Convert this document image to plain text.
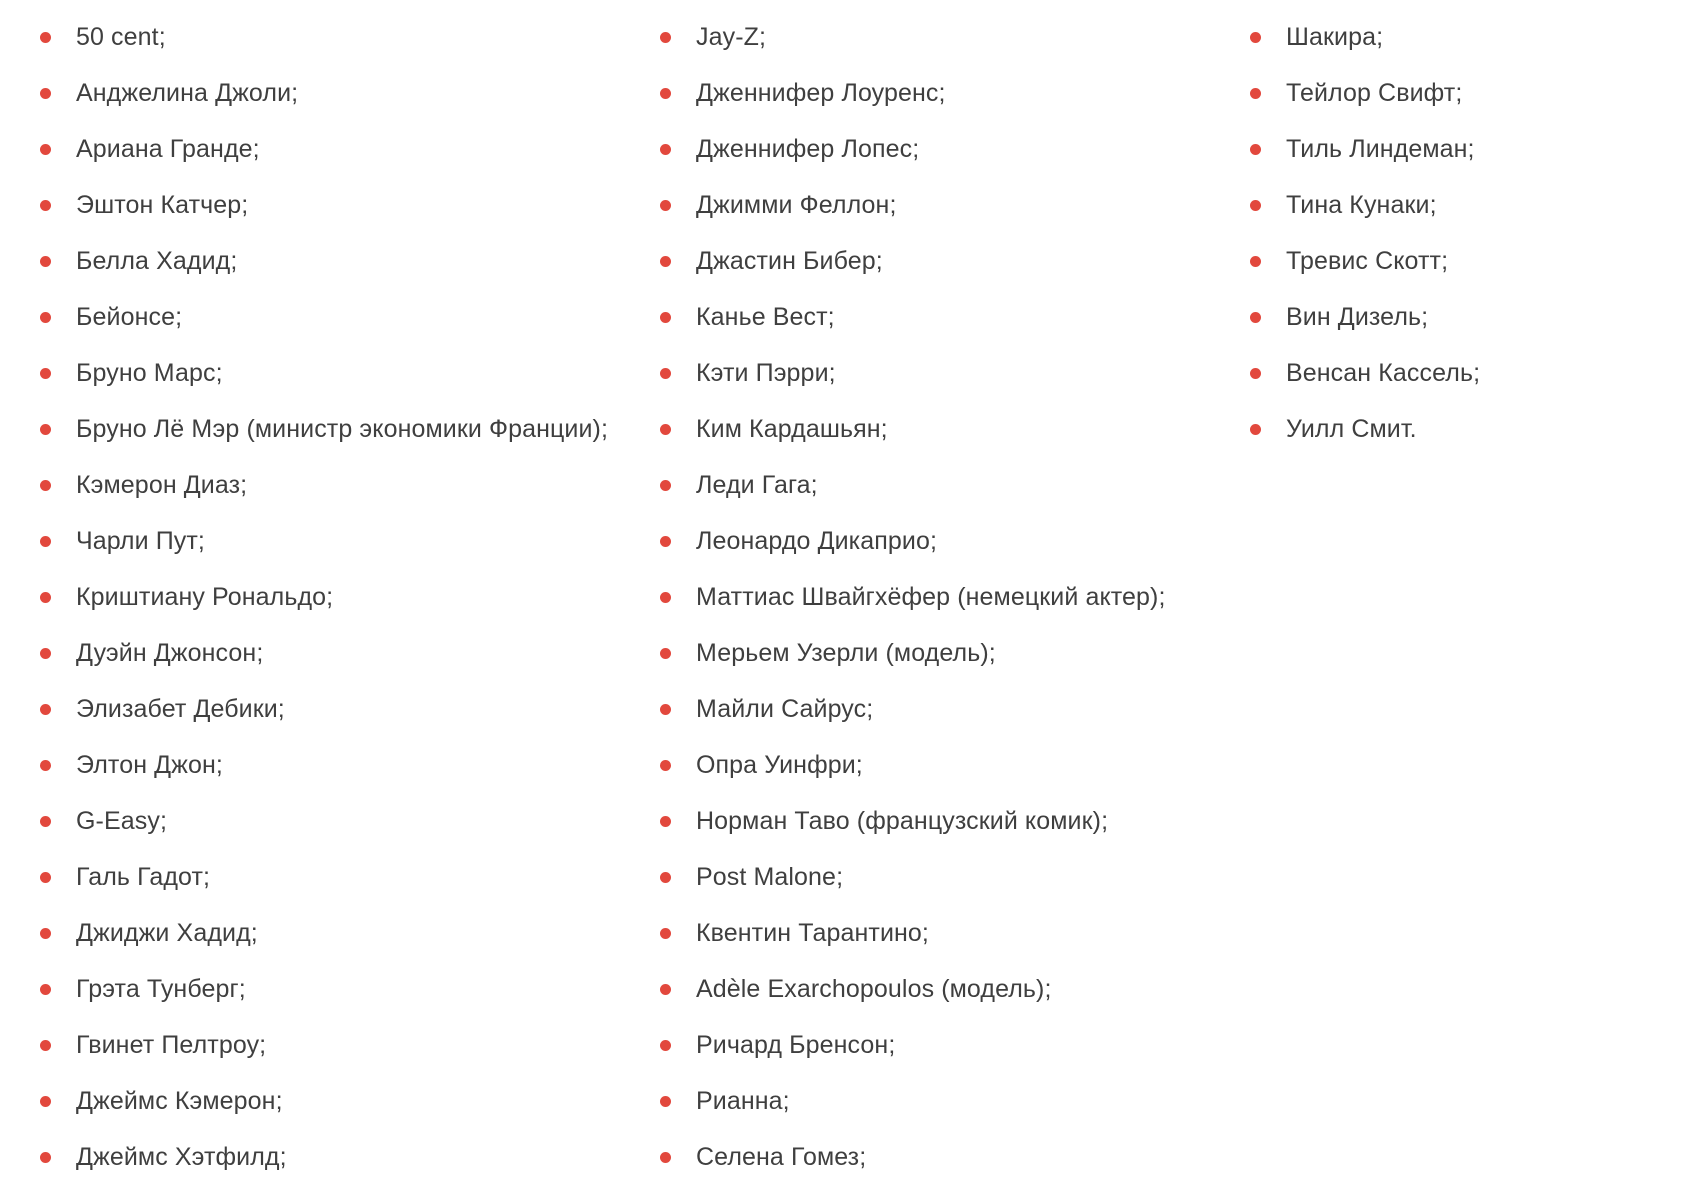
50 cent;
Анджелина Джоли;
Ариана Гранде;
Эштон Катчер;
Белла Хадид;
Бейонсе;
Бруно Марс;
Бруно Лё Мэр (министр экономики Франции);
Кэмерон Диаз;
Чарли Пут;
Криштиану Рональдо;
Дуэйн Джонсон;
Элизабет Дебики;
Элтон Джон;
G-Easy;
Галь Гадот;
Джиджи Хадид;
Грэта Тунберг;
Гвинет Пелтроу;
Джеймс Кэмерон;
Джеймс Хэтфилд;
Jay-Z;
Дженнифер Лоуренс;
Дженнифер Лопес;
Джимми Феллон;
Джастин Бибер;
Канье Вест;
Кэти Пэрри;
Ким Кардашьян;
Леди Гага;
Леонардо Дикаприо;
Маттиас Швайгхёфер (немецкий актер);
Мерьем Узерли (модель);
Майли Сайрус;
Опра Уинфри;
Норман Таво (французский комик);
Post Malone;
Квентин Тарантино;
Adèle Exarchopoulos (модель);
Ричард Бренсон;
Рианна;
Селена Гомез;
Шакира;
Тейлор Свифт;
Тиль Линдеман;
Тина Кунаки;
Тревис Скотт;
Вин Дизель;
Венсан Кассель;
Уилл Смит.
